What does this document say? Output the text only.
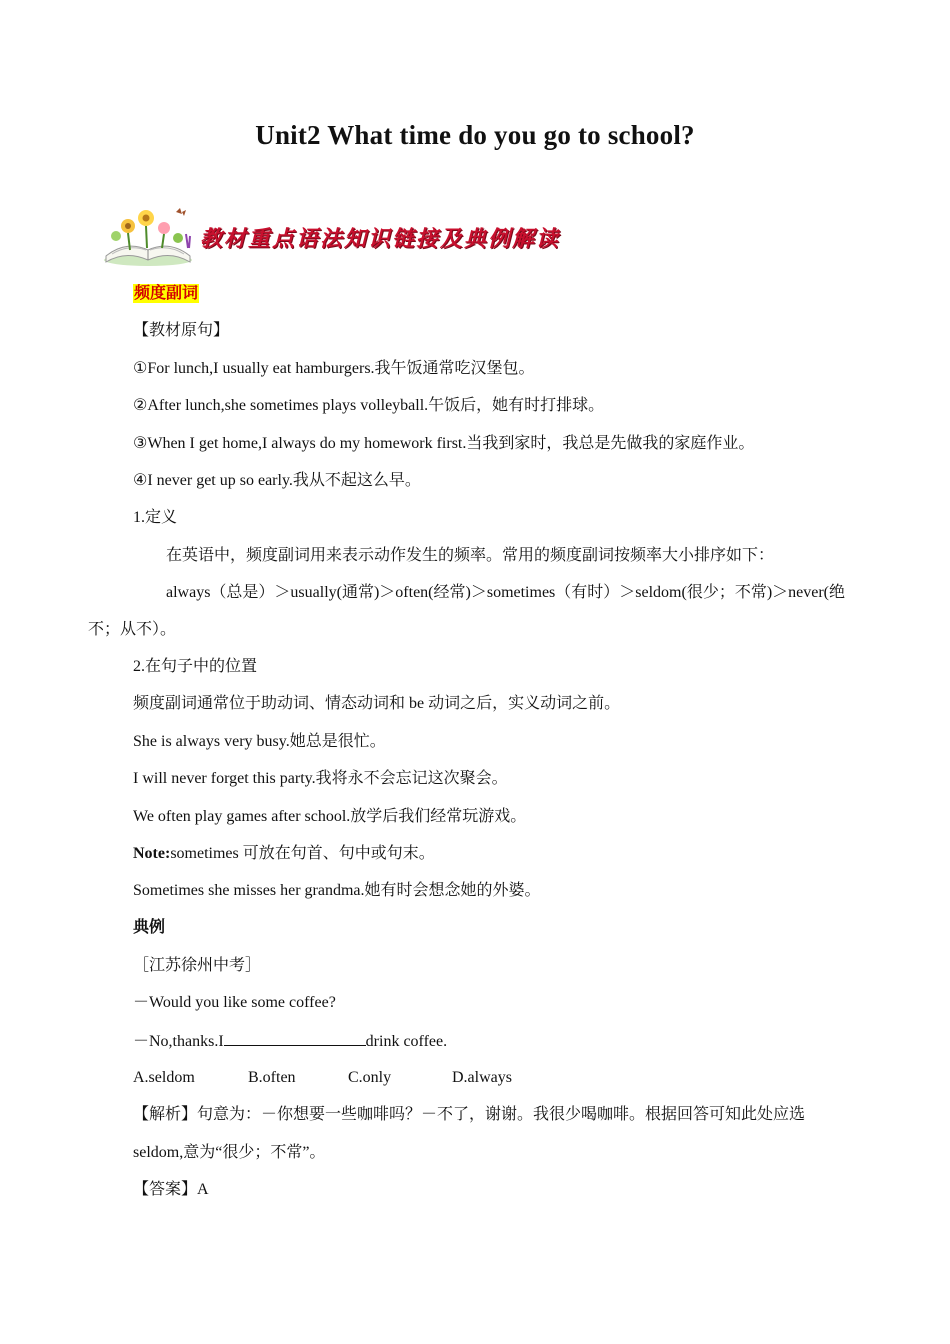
Unit2 What time do you go to school?
教材重点语法知识链接及典例解读
频度副词
【教材原句】
①For lunch,I usually eat hamburgers.我午饭通常吃汉堡包。
②After lunch,she sometimes plays volleyball.午饭后，她有时打排球。
③When I get home,I always do my homework first.当我到家时，我总是先做我的家庭作业。
④I never get up so early.我从不起这么早。
1.定义
在英语中，频度副词用来表示动作发生的频率。常用的频度副词按频率大小排序如下：
always（总是）＞usually(通常)＞often(经常)＞sometimes（有时）＞seldom(很少；不常)＞never(绝
不；从不）。
2.在句子中的位置
频度副词通常位于助动词、情态动词和 be 动词之后，实义动词之前。
She is always very busy.她总是很忙。
I will never forget this party.我将永不会忘记这次聚会。
We often play games after school.放学后我们经常玩游戏。
Note:sometimes 可放在句首、句中或句末。
Sometimes she misses her grandma.她有时会想念她的外婆。
典例
［江苏徐州中考］
－Would you like some coffee?
－No,thanks.I	drink coffee.
A.seldom	B.often	C.only	D.always
【解析】句意为：－你想要一些咖啡吗？－不了，谢谢。我很少喝咖啡。根据回答可知此处应选
seldom,意为“很少；不常”。
【答案】A
